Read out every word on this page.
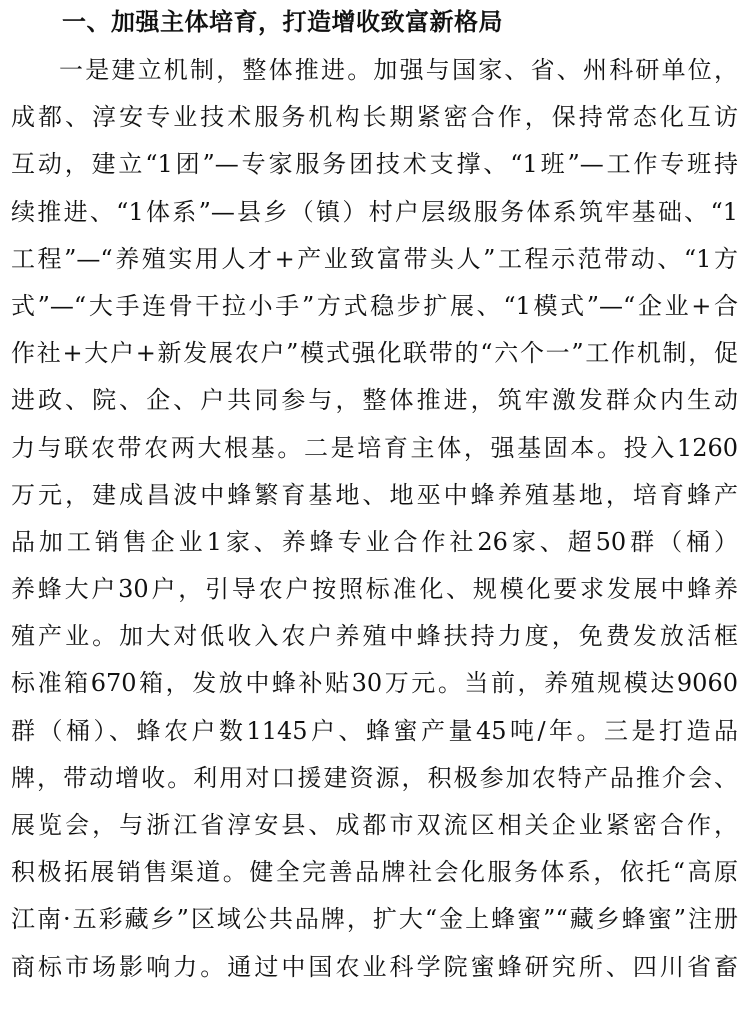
一、加强主体培育，打造增收致富新格局
一是建立机制，整体推进。加强与国家、省、州科研单位，
成都、淳安专业技术服务机构长期紧密合作，保持常态化互访
互动，建立“1团”—专家服务团技术支撑、“1班”—工作专班持
续推进、“1体系”—县乡（镇）村户层级服务体系筑牢基础、“1
工程”—“养殖实用人才+产业致富带头人”工程示范带动、“1方
式”—“大手连骨干拉小手”方式稳步扩展、“1模式”—“企业+合
作社+大户+新发展农户”模式强化联带的“六个一”工作机制，促
进政、院、企、户共同参与，整体推进，筑牢激发群众内生动
力与联农带农两大根基。二是培育主体，强基固本。投入1260
万元，建成昌波中蜂繁育基地、地巫中蜂养殖基地，培育蜂产
品加工销售企业1家、养蜂专业合作社26家、超50群（桶）
养蜂大户30户，引导农户按照标准化、规模化要求发展中蜂养
殖产业。加大对低收入农户养殖中蜂扶持力度，免费发放活框
标准箱670箱，发放中蜂补贴30万元。当前，养殖规模达9060
群（桶）、蜂农户数1145户、蜂蜜产量45吨/年。三是打造品
牌，带动增收。利用对口援建资源，积极参加农特产品推介会、
展览会，与浙江省淳安县、成都市双流区相关企业紧密合作，
积极拓展销售渠道。健全完善品牌社会化服务体系，依托“高原
江南·五彩藏乡”区域公共品牌，扩大“金上蜂蜜”“藏乡蜂蜜”注册
商标市场影响力。通过中国农业科学院蜜蜂研究所、四川省畜
